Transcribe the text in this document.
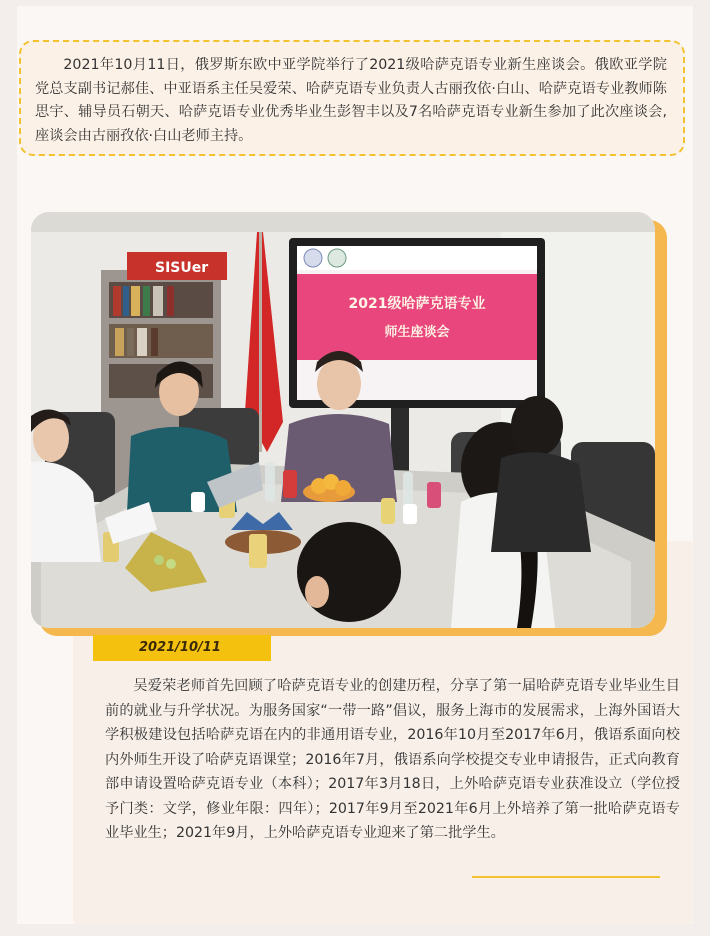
2021年10月11日，俄罗斯东欧中亚学院举行了2021级哈萨克语专业新生座谈会。俄欧亚学院党总支副书记郝佳、中亚语系主任吴爱荣、哈萨克语专业负责人古丽孜依·白山、哈萨克语专业教师陈思宇、辅导员石朝天、哈萨克语专业优秀毕业生彭智丰以及7名哈萨克语专业新生参加了此次座谈会, 座谈会由古丽孜依·白山老师主持。
SISUer
2021级哈萨克语专业
师生座谈会
2021/10/11
吴爱荣老师首先回顾了哈萨克语专业的创建历程，分享了第一届哈萨克语专业毕业生目前的就业与升学状况。为服务国家“一带一路”倡议，服务上海市的发展需求，上海外国语大学积极建设包括哈萨克语在内的非通用语专业，2016年10月至2017年6月，俄语系面向校内外师生开设了哈萨克语课堂；2016年7月，俄语系向学校提交专业申请报告，正式向教育部申请设置哈萨克语专业（本科）；2017年3月18日，上外哈萨克语专业获准设立（学位授予门类：文学，修业年限：四年）；2017年9月至2021年6月上外培养了第一批哈萨克语专业毕业生；2021年9月，上外哈萨克语专业迎来了第二批学生。
